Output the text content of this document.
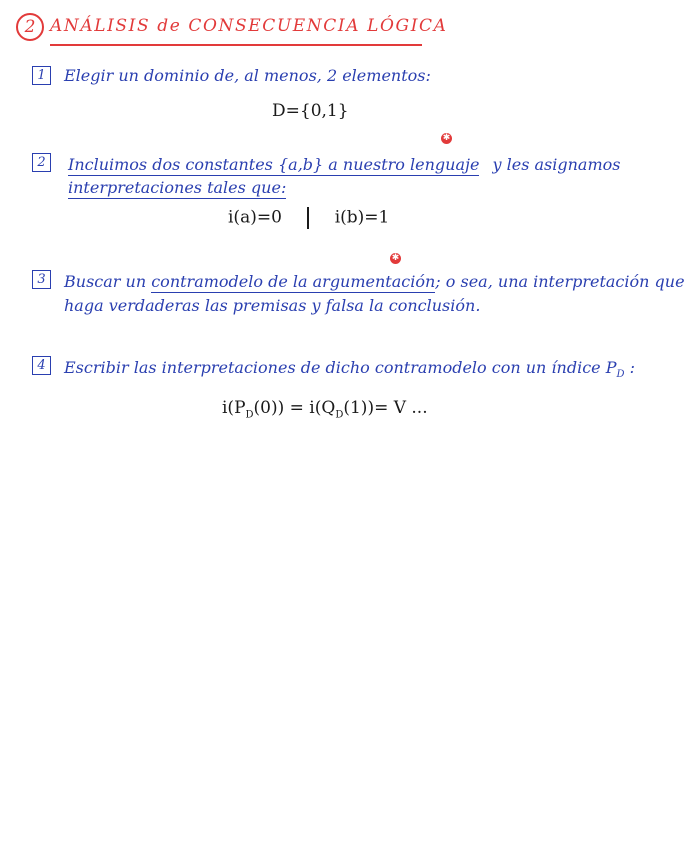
2 ANÁLISIS de CONSECUENCIA LÓGICA
1	Elegir un dominio de, al menos, 2 elementos:
D={0,1}
✱
2	Incluimos dos constantes {a,b} a nuestro lenguaje y les asignamos
interpretaciones tales que:
i(a)=0	i(b)=1
✱
3	Buscar un contramodelo de la argumentación; o sea, una interpretación que
haga verdaderas las premisas y falsa la conclusión.
4	Escribir las interpretaciones de dicho contramodelo con un índice $P_D$ :
$i(P_D(0)) = i(Q_D(1))= V$ ...
